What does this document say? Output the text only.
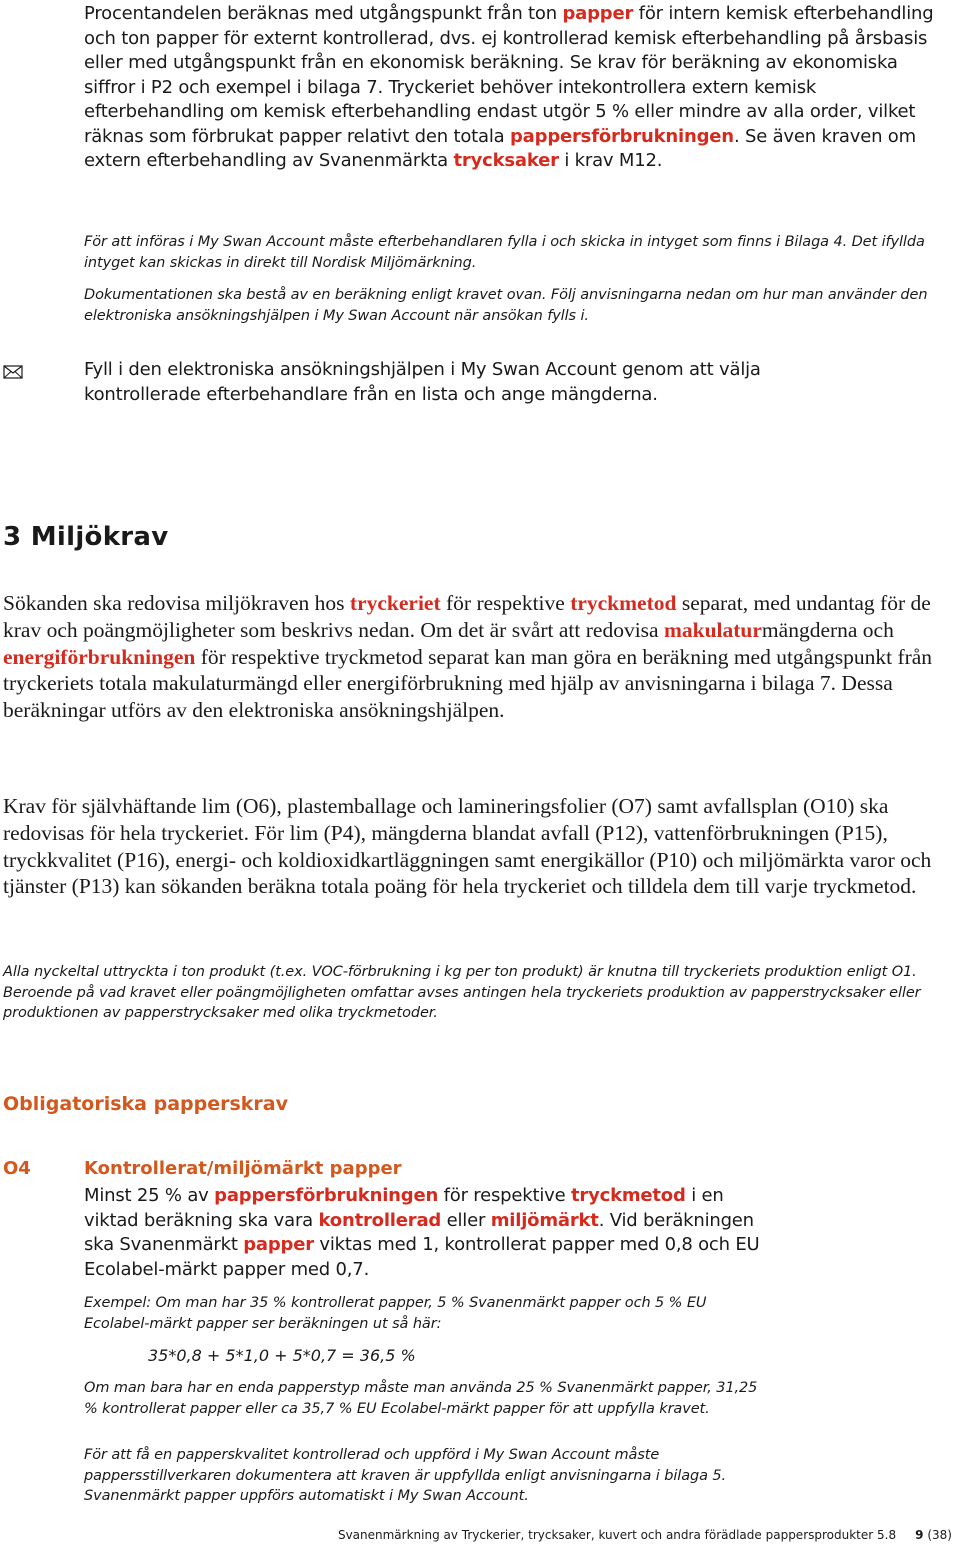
Procentandelen beräknas med utgångspunkt från ton papper för intern kemisk efterbehandling och ton papper för externt kontrollerad, dvs. ej kontrollerad kemisk efterbehandling på årsbasis eller med utgångspunkt från en ekonomisk beräkning. Se krav för beräkning av ekonomiska siffror i P2 och exempel i bilaga 7. Tryckeriet behöver intekontrollera extern kemisk efterbehandling om kemisk efterbehandling endast utgör 5 % eller mindre av alla order, vilket räknas som förbrukat papper relativt den totala pappersförbrukningen. Se även kraven om extern efterbehandling av Svanenmärkta trycksaker i krav M12.

För att införas i My Swan Account måste efterbehandlaren fylla i och skicka in intyget som finns i Bilaga 4. Det ifyllda intyget kan skickas in direkt till Nordisk Miljömärkning.

Dokumentationen ska bestå av en beräkning enligt kravet ovan. Följ anvisningarna nedan om hur man använder den elektroniska ansökningshjälpen i My Swan Account när ansökan fylls i.

Fyll i den elektroniska ansökningshjälpen i My Swan Account genom att välja kontrollerade efterbehandlare från en lista och ange mängderna.

3 Miljökrav

Sökanden ska redovisa miljökraven hos tryckeriet för respektive tryckmetod separat, med undantag för de krav och poängmöjligheter som beskrivs nedan. Om det är svårt att redovisa makulaturmängderna och energiförbrukningen för respektive tryckmetod separat kan man göra en beräkning med utgångspunkt från tryckeriets totala makulaturmängd eller energiförbrukning med hjälp av anvisningarna i bilaga 7. Dessa beräkningar utförs av den elektroniska ansökningshjälpen.

Krav för självhäftande lim (O6), plastemballage och lamineringsfolier (O7) samt avfallsplan (O10) ska redovisas för hela tryckeriet. För lim (P4), mängderna blandat avfall (P12), vattenförbrukningen (P15), tryckkvalitet (P16), energi- och koldioxidkartläggningen samt energikällor (P10) och miljömärkta varor och tjänster (P13) kan sökanden beräkna totala poäng för hela tryckeriet och tilldela dem till varje tryckmetod.

Alla nyckeltal uttryckta i ton produkt (t.ex. VOC-förbrukning i kg per ton produkt) är knutna till tryckeriets produktion enligt O1. Beroende på vad kravet eller poängmöjligheten omfattar avses antingen hela tryckeriets produktion av papperstrycksaker eller produktionen av papperstrycksaker med olika tryckmetoder.

Obligatoriska papperskrav
O4	Kontrollerat/miljömärkt papper

Minst 25 % av pappersförbrukningen för respektive tryckmetod i en viktad beräkning ska vara kontrollerad eller miljömärkt. Vid beräkningen ska Svanenmärkt papper viktas med 1, kontrollerat papper med 0,8 och EU Ecolabel-märkt papper med 0,7.

Exempel: Om man har 35 % kontrollerat papper, 5 % Svanenmärkt papper och 5 % EU Ecolabel-märkt papper ser beräkningen ut så här:

35*0,8 + 5*1,0 + 5*0,7 = 36,5 %

Om man bara har en enda papperstyp måste man använda 25 % Svanenmärkt papper, 31,25 % kontrollerat papper eller ca 35,7 % EU Ecolabel-märkt papper för att uppfylla kravet.

För att få en papperskvalitet kontrollerad och uppförd i My Swan Account måste pappersstillverkaren dokumentera att kraven är uppfyllda enligt anvisningarna i bilaga 5. Svanenmärkt papper uppförs automatiskt i My Swan Account.

Svanenmärkning av Tryckerier, trycksaker, kuvert och andra förädlade pappersprodukter 5.8 9 (38)
